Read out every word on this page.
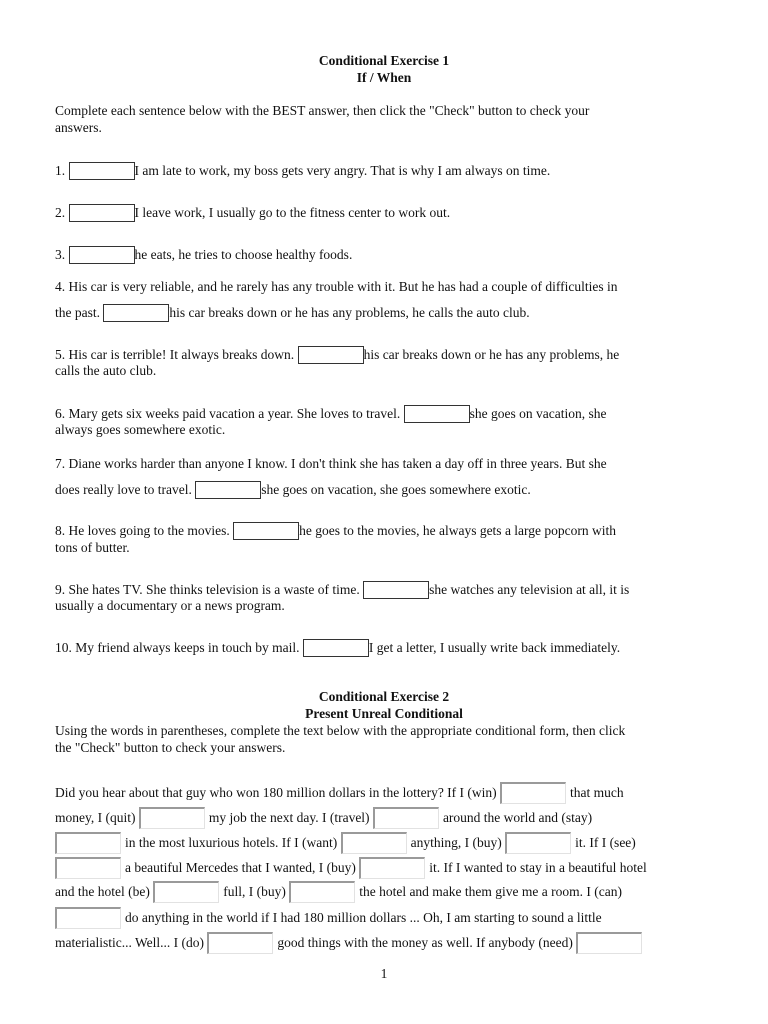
Conditional Exercise 1
If / When
Complete each sentence below with the BEST answer, then click the "Check" button to check your
answers.
1.	I am late to work, my boss gets very angry. That is why I am always on time.
2.	I leave work, I usually go to the fitness center to work out.
3.	he eats, he tries to choose healthy foods.
4. His car is very reliable, and he rarely has any trouble with it. But he has had a couple of difficulties in
the past.	his car breaks down or he has any problems, he calls the auto club.
5. His car is terrible! It always breaks down.	his car breaks down or he has any problems, he
calls the auto club.
6. Mary gets six weeks paid vacation a year. She loves to travel.	she goes on vacation, she
always goes somewhere exotic.
7. Diane works harder than anyone I know. I don't think she has taken a day off in three years. But she
does really love to travel.	she goes on vacation, she goes somewhere exotic.
8. He loves going to the movies.	he goes to the movies, he always gets a large popcorn with
tons of butter.
9. She hates TV. She thinks television is a waste of time.	she watches any television at all, it is
usually a documentary or a news program.
10. My friend always keeps in touch by mail.	I get a letter, I usually write back immediately.
Conditional Exercise 2
Present Unreal Conditional
Using the words in parentheses, complete the text below with the appropriate conditional form, then click
the "Check" button to check your answers.
Did you hear about that guy who won 180 million dollars in the lottery? If I (win)	that much
money, I (quit)	my job the next day. I (travel)	around the world and (stay)
in the most luxurious hotels. If I (want)	anything, I (buy)	it. If I (see)
a beautiful Mercedes that I wanted, I (buy)	it. If I wanted to stay in a beautiful hotel
and the hotel (be)	full, I (buy)	the hotel and make them give me a room. I (can)
do anything in the world if I had 180 million dollars ... Oh, I am starting to sound a little
materialistic... Well... I (do)	good things with the money as well. If anybody (need)
1
